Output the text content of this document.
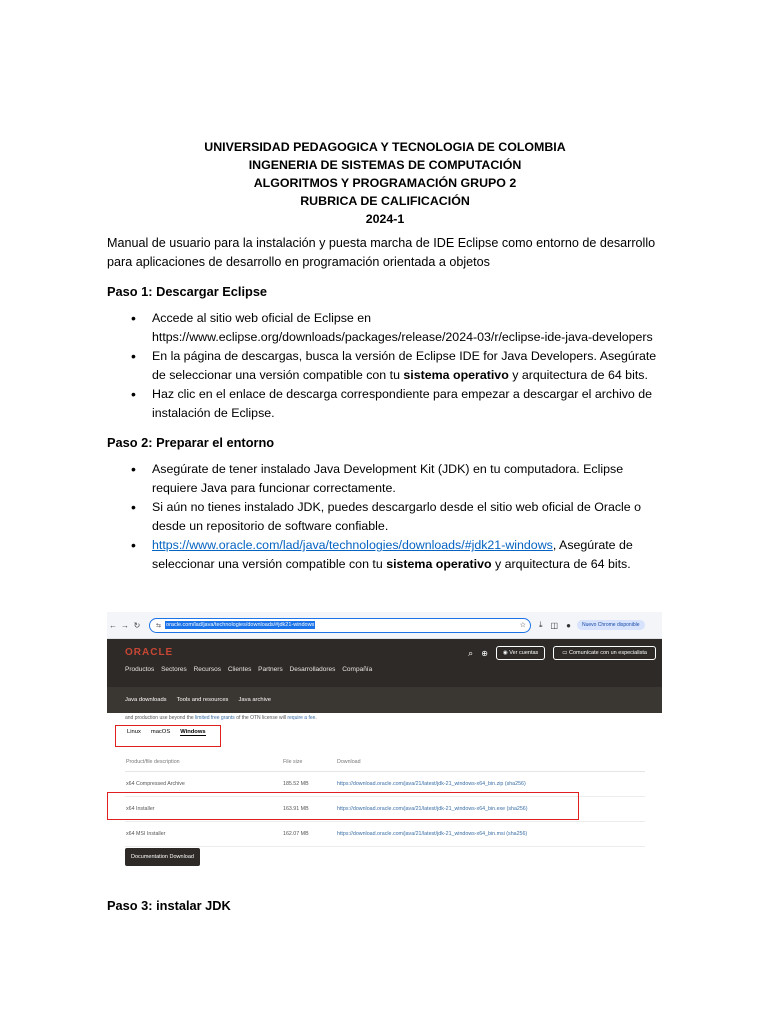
UNIVERSIDAD PEDAGOGICA Y TECNOLOGIA DE COLOMBIA
INGENERIA DE SISTEMAS DE COMPUTACIÓN
ALGORITMOS Y PROGRAMACIÓN GRUPO 2
RUBRICA DE CALIFICACIÓN
2024-1
Manual de usuario para la instalación y puesta marcha de IDE Eclipse como entorno de desarrollo para aplicaciones de desarrollo en programación orientada a objetos
Paso 1: Descargar Eclipse
• Accede al sitio web oficial de Eclipse en https://www.eclipse.org/downloads/packages/release/2024-03/r/eclipse-ide-java-developers
• En la página de descargas, busca la versión de Eclipse IDE for Java Developers. Asegúrate de seleccionar una versión compatible con tu sistema operativo y arquitectura de 64 bits.
• Haz clic en el enlace de descarga correspondiente para empezar a descargar el archivo de instalación de Eclipse.
Paso 2: Preparar el entorno
• Asegúrate de tener instalado Java Development Kit (JDK) en tu computadora. Eclipse requiere Java para funcionar correctamente.
• Si aún no tienes instalado JDK, puedes descargarlo desde el sitio web oficial de Oracle o desde un repositorio de software confiable.
• https://www.oracle.com/lad/java/technologies/downloads/#jdk21-windows, Asegúrate de seleccionar una versión compatible con tu sistema operativo y arquitectura de 64 bits.
← → ↻	⇆ oracle.com/lad/java/technologies/downloads/#jdk21-windows	☆ ⤓ ◫ ●	Nuevo Chrome disponible
ORACLE
Productos Sectores Recursos Clientes Partners Desarrolladores Compañía
⌕ ⊕	◉ Ver cuentas	▭ Comunícate con un especialista
Java downloads Tools and resources Java archive
and production use beyond the limited free grants of the OTN license will require a fee.
Linux macOS Windows
Product/file description	File size	Download
x64 Compressed Archive	185.52 MB	https://download.oracle.com/java/21/latest/jdk-21_windows-x64_bin.zip (sha256)
x64 Installer	163.91 MB	https://download.oracle.com/java/21/latest/jdk-21_windows-x64_bin.exe (sha256)
x64 MSI Installer	162.07 MB	https://download.oracle.com/java/21/latest/jdk-21_windows-x64_bin.msi (sha256)
Documentation Download
Paso 3: instalar JDK
